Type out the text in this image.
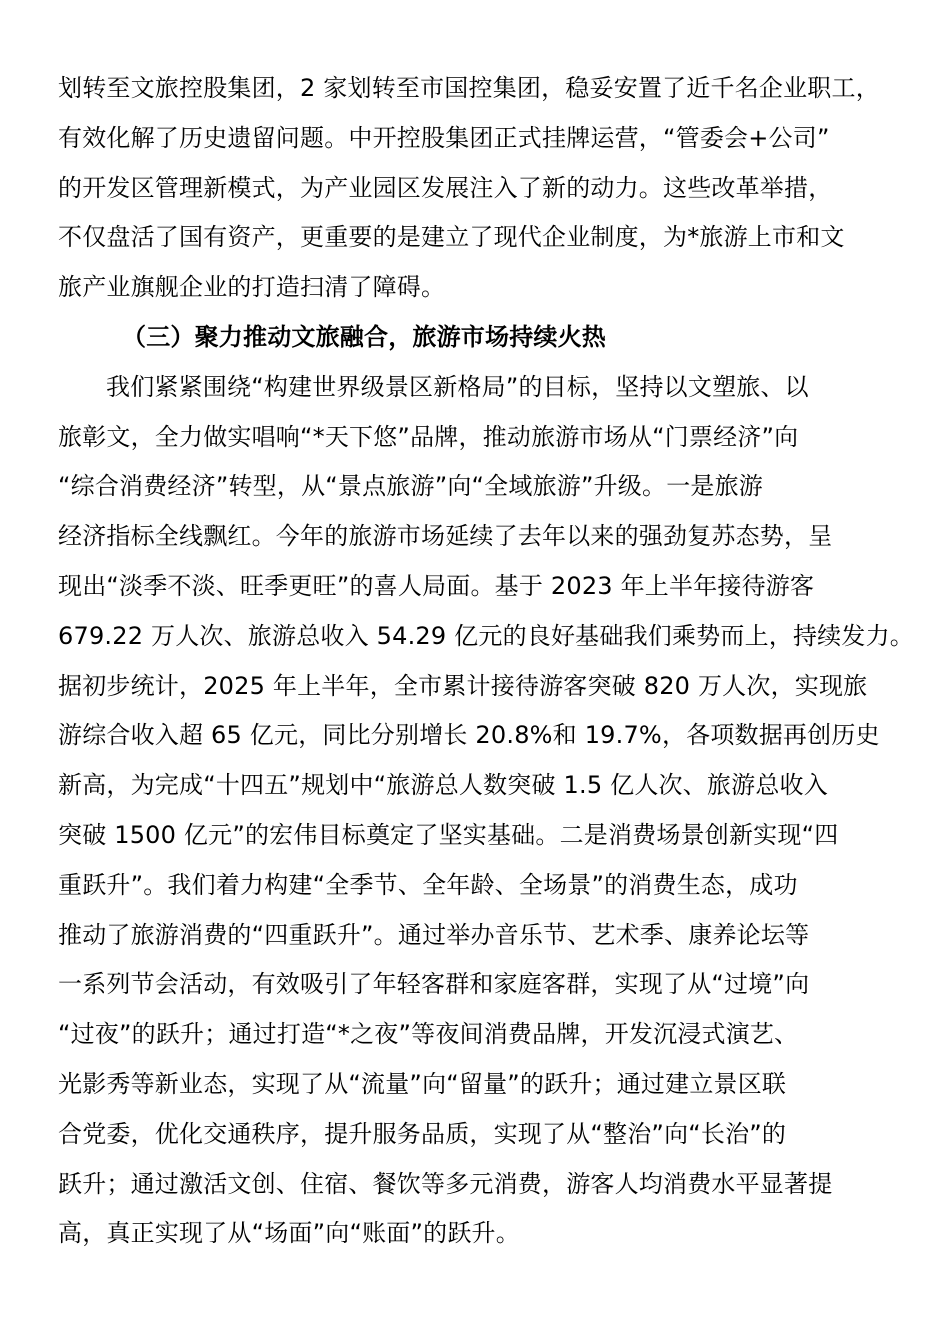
划转至文旅控股集团，2 家划转至市国控集团，稳妥安置了近千名企业职工，
有效化解了历史遗留问题。中开控股集团正式挂牌运营，“管委会+公司”
的开发区管理新模式，为产业园区发展注入了新的动力。这些改革举措，
不仅盘活了国有资产，更重要的是建立了现代企业制度，为*旅游上市和文
旅产业旗舰企业的打造扫清了障碍。
（三）聚力推动文旅融合，旅游市场持续火热
我们紧紧围绕“构建世界级景区新格局”的目标，坚持以文塑旅、以
旅彰文，全力做实唱响“*天下悠”品牌，推动旅游市场从“门票经济”向
“综合消费经济”转型，从“景点旅游”向“全域旅游”升级。一是旅游
经济指标全线飘红。今年的旅游市场延续了去年以来的强劲复苏态势，呈
现出“淡季不淡、旺季更旺”的喜人局面。基于 2023 年上半年接待游客
679.22 万人次、旅游总收入 54.29 亿元的良好基础我们乘势而上，持续发力。
据初步统计，2025 年上半年，全市累计接待游客突破 820 万人次，实现旅
游综合收入超 65 亿元，同比分别增长 20.8%和 19.7%，各项数据再创历史
新高，为完成“十四五”规划中“旅游总人数突破 1.5 亿人次、旅游总收入
突破 1500 亿元”的宏伟目标奠定了坚实基础。二是消费场景创新实现“四
重跃升”。我们着力构建“全季节、全年龄、全场景”的消费生态，成功
推动了旅游消费的“四重跃升”。通过举办音乐节、艺术季、康养论坛等
一系列节会活动，有效吸引了年轻客群和家庭客群，实现了从“过境”向
“过夜”的跃升；通过打造“*之夜”等夜间消费品牌，开发沉浸式演艺、
光影秀等新业态，实现了从“流量”向“留量”的跃升；通过建立景区联
合党委，优化交通秩序，提升服务品质，实现了从“整治”向“长治”的
跃升；通过激活文创、住宿、餐饮等多元消费，游客人均消费水平显著提
高，真正实现了从“场面”向“账面”的跃升。
